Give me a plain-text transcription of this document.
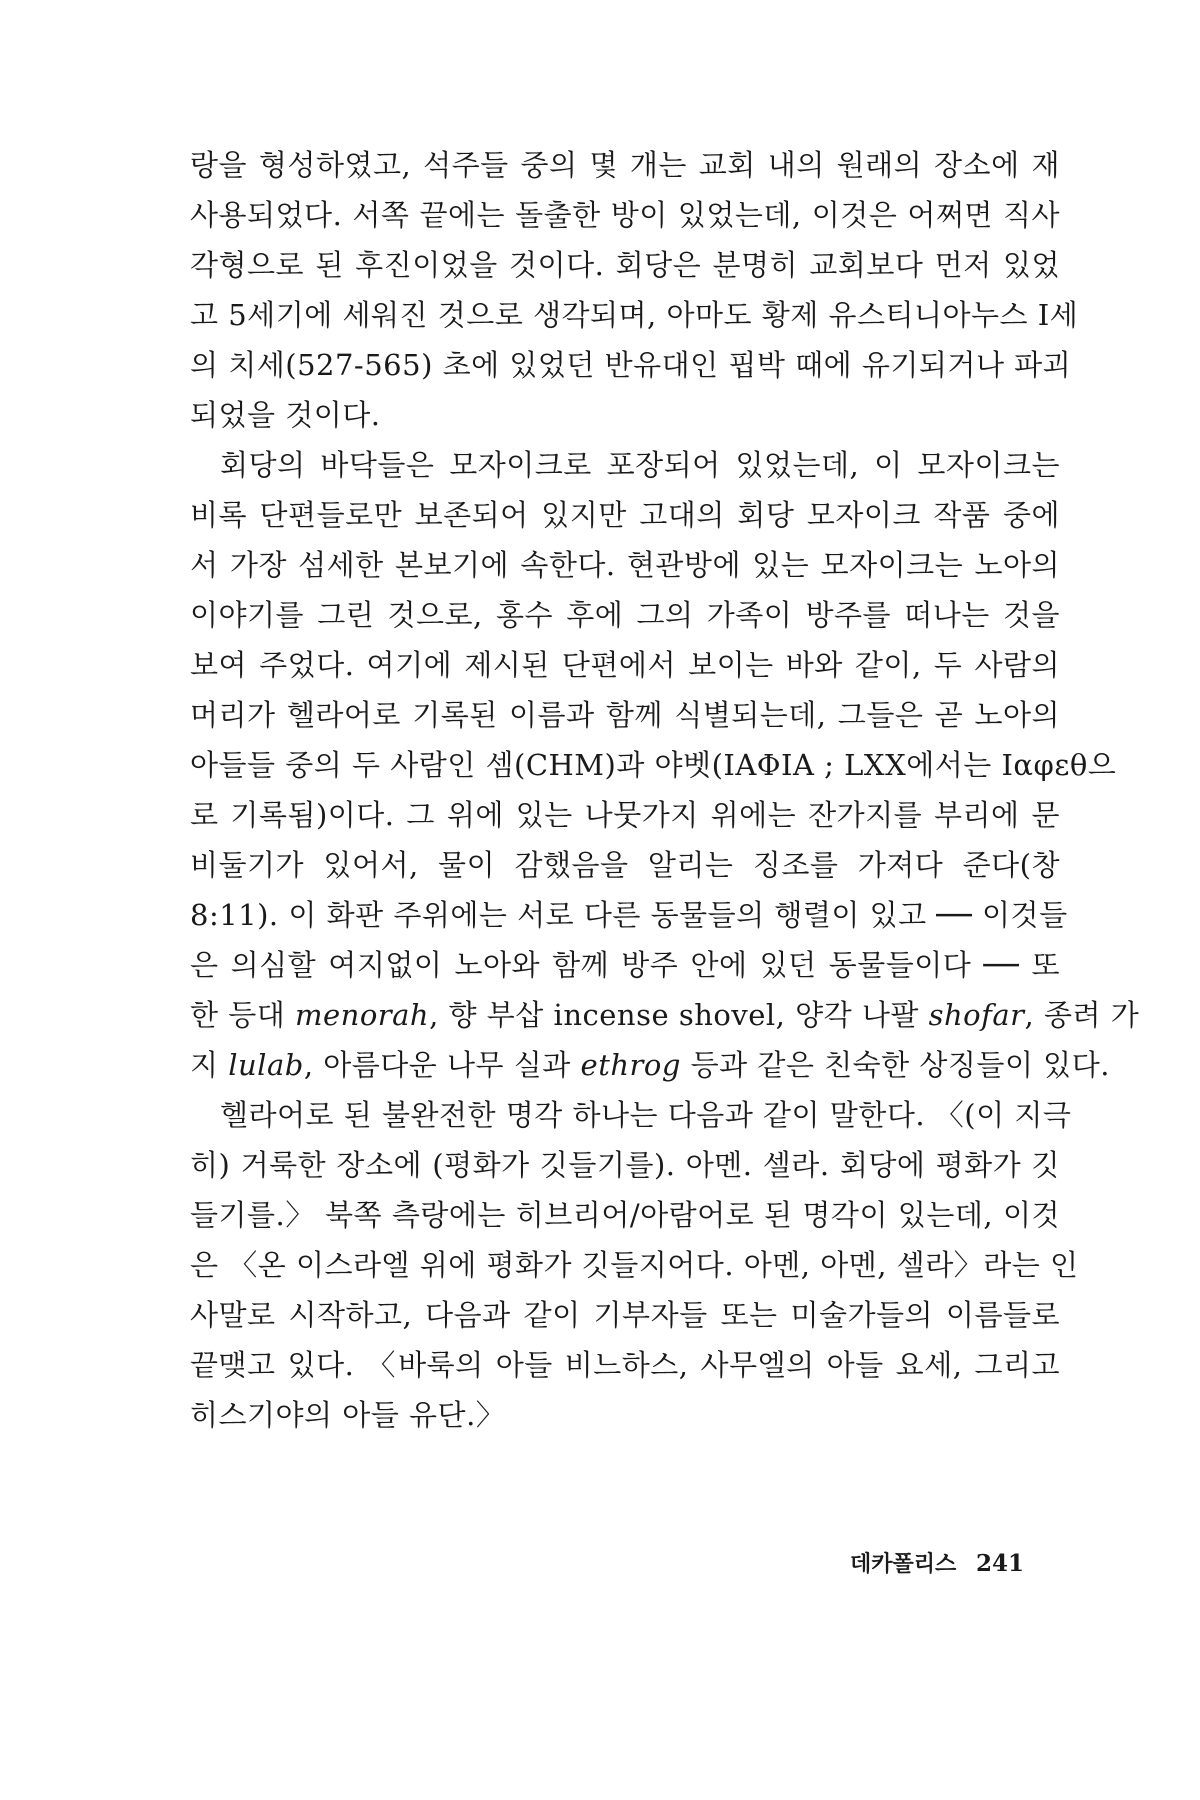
랑을 형성하였고, 석주들 중의 몇 개는 교회 내의 원래의 장소에 재
사용되었다. 서쪽 끝에는 돌출한 방이 있었는데, 이것은 어쩌면 직사
각형으로 된 후진이었을 것이다. 회당은 분명히 교회보다 먼저 있었
고 5세기에 세워진 것으로 생각되며, 아마도 황제 유스티니아누스 I세
의 치세(527-565) 초에 있었던 반유대인 핍박 때에 유기되거나 파괴
되었을 것이다.
회당의 바닥들은 모자이크로 포장되어 있었는데, 이 모자이크는
비록 단편들로만 보존되어 있지만 고대의 회당 모자이크 작품 중에
서 가장 섬세한 본보기에 속한다. 현관방에 있는 모자이크는 노아의
이야기를 그린 것으로, 홍수 후에 그의 가족이 방주를 떠나는 것을
보여 주었다. 여기에 제시된 단편에서 보이는 바와 같이, 두 사람의
머리가 헬라어로 기록된 이름과 함께 식별되는데, 그들은 곧 노아의
아들들 중의 두 사람인 셈(CHM)과 야벳(IAΦIA ; LXX에서는 Iαφεθ으
로 기록됨)이다. 그 위에 있는 나뭇가지 위에는 잔가지를 부리에 문
비둘기가 있어서, 물이 감했음을 알리는 징조를 가져다 준다(창
8:11). 이 화판 주위에는 서로 다른 동물들의 행렬이 있고 ── 이것들
은 의심할 여지없이 노아와 함께 방주 안에 있던 동물들이다 ── 또
한 등대 menorah, 향 부삽 incense shovel, 양각 나팔 shofar, 종려 가
지 lulab, 아름다운 나무 실과 ethrog 등과 같은 친숙한 상징들이 있다.
헬라어로 된 불완전한 명각 하나는 다음과 같이 말한다. 〈(이 지극
히) 거룩한 장소에 (평화가 깃들기를). 아멘. 셀라. 회당에 평화가 깃
들기를.〉 북쪽 측랑에는 히브리어/아람어로 된 명각이 있는데, 이것
은 〈온 이스라엘 위에 평화가 깃들지어다. 아멘, 아멘, 셀라〉라는 인
사말로 시작하고, 다음과 같이 기부자들 또는 미술가들의 이름들로
끝맺고 있다. 〈바룩의 아들 비느하스, 사무엘의 아들 요세, 그리고
히스기야의 아들 유단.〉
데카폴리스 241
